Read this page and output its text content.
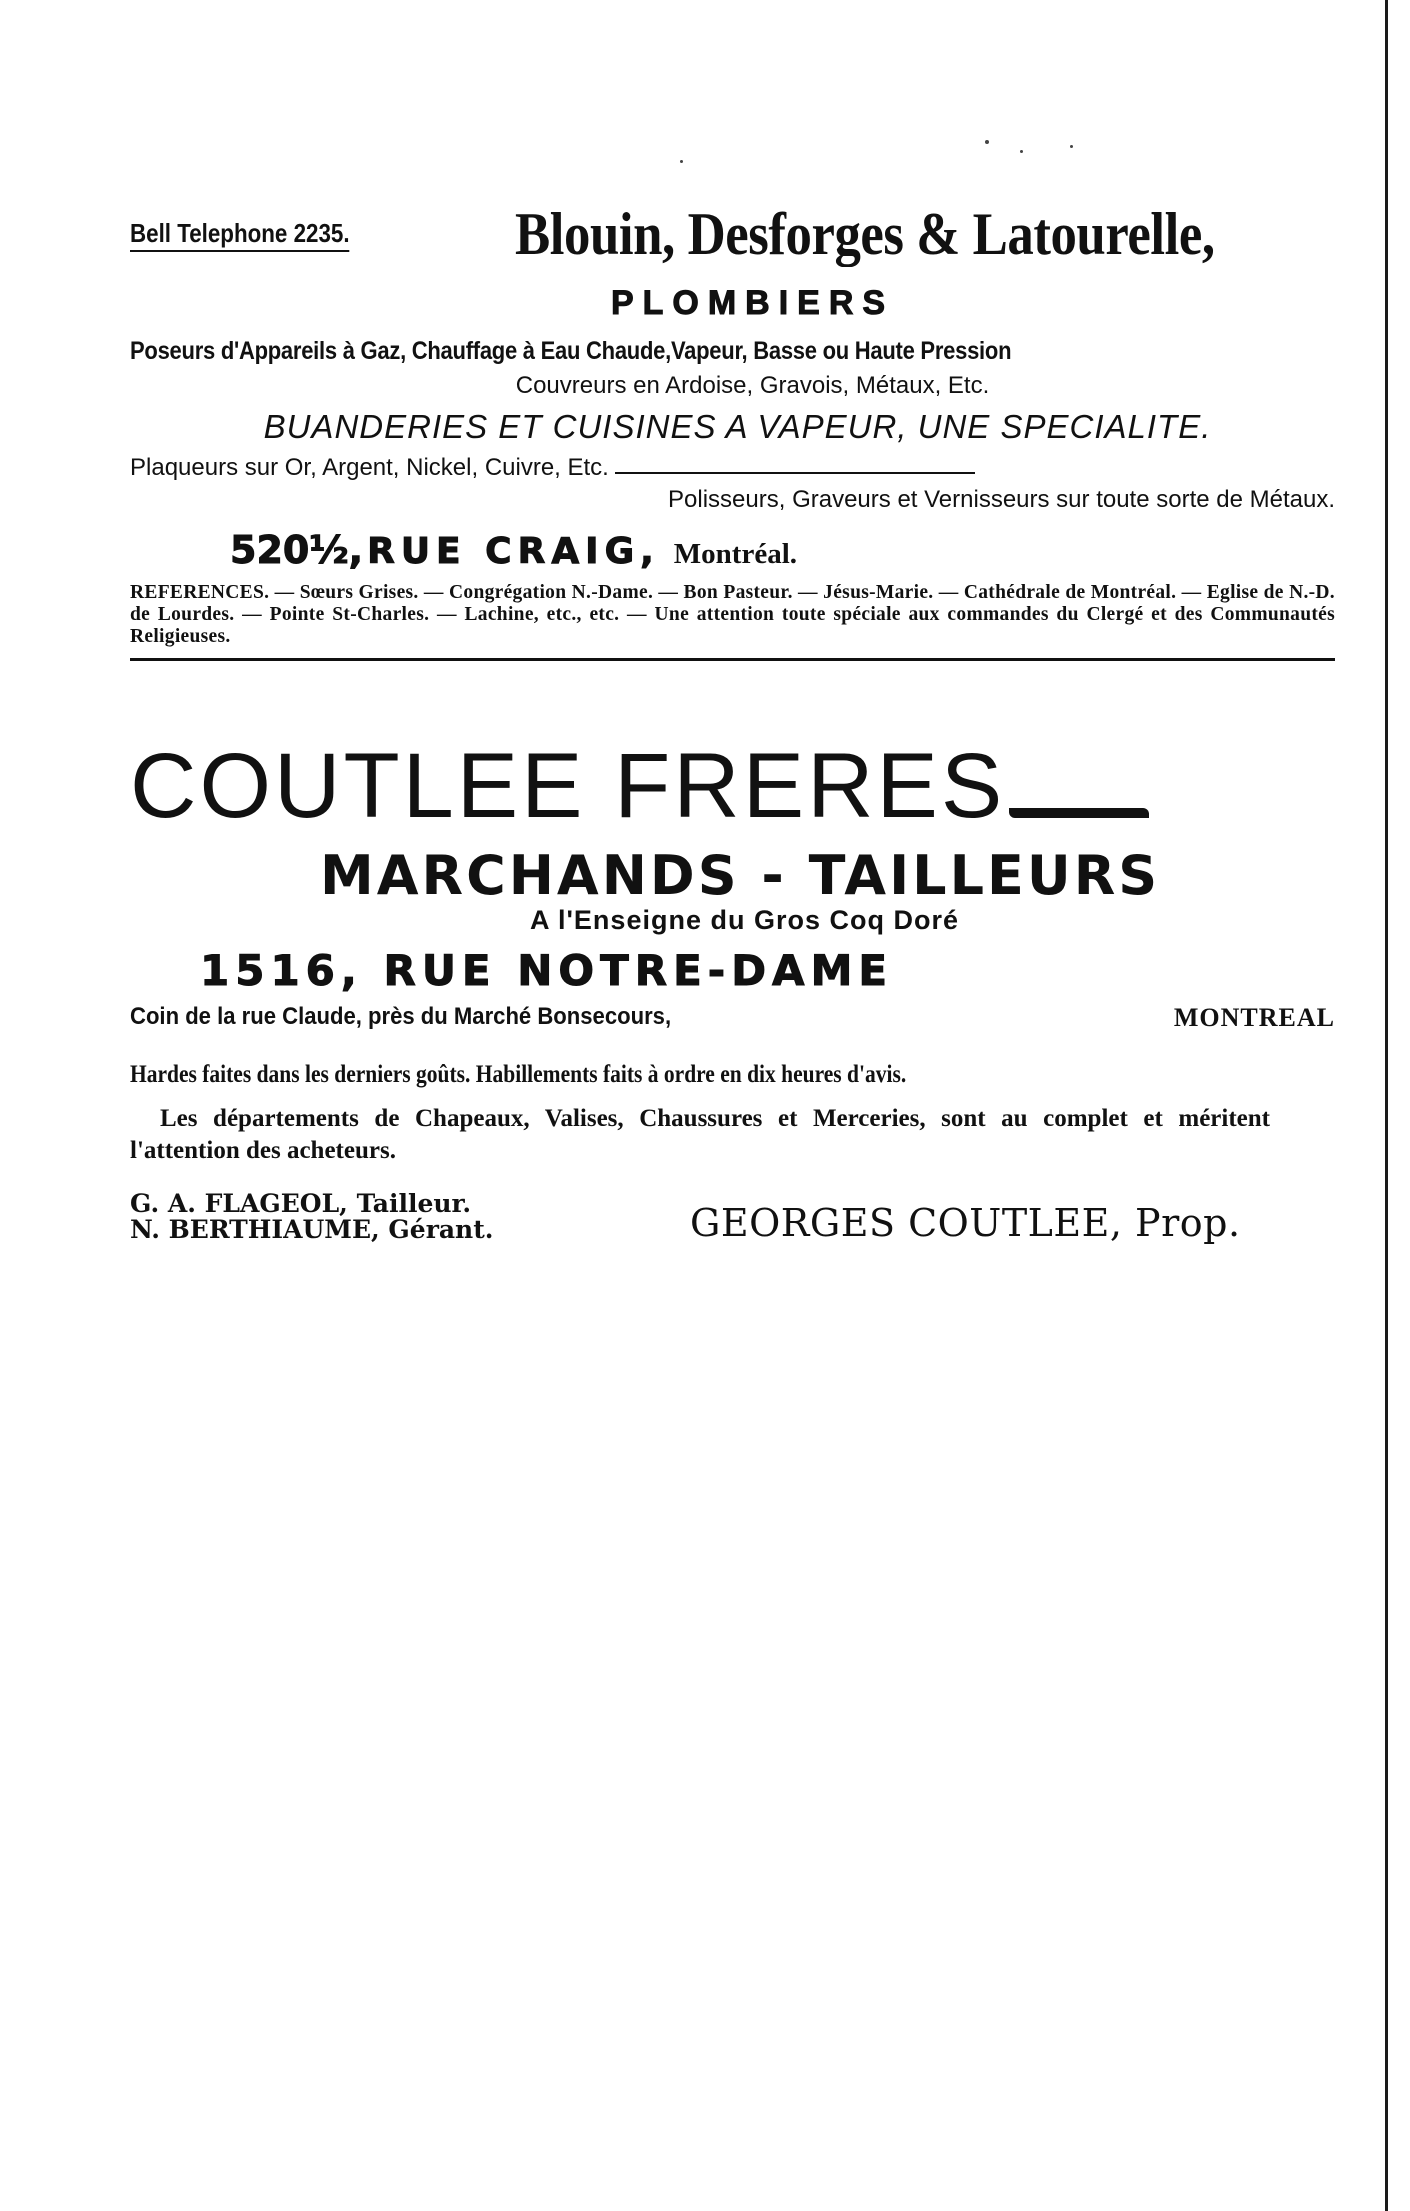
Bell Telephone 2235.	Blouin, Desforges & Latourelle,
PLOMBIERS
Poseurs d'Appareils à Gaz, Chauffage à Eau Chaude,Vapeur, Basse ou Haute Pression
Couvreurs en Ardoise, Gravois, Métaux, Etc.
BUANDERIES ET CUISINES A VAPEUR, UNE SPECIALITE.
Plaqueurs sur Or, Argent, Nickel, Cuivre, Etc.
Polisseurs, Graveurs et Vernisseurs sur toute sorte de Métaux.
520½, RUE CRAIG, Montréal.
REFERENCES. — Sœurs Grises. — Congrégation N.-Dame. — Bon Pasteur. — Jésus-Marie. — Cathédrale de Montréal. — Eglise de N.-D. de Lourdes. — Pointe St-Charles. — Lachine, etc., etc. — Une attention toute spéciale aux commandes du Clergé et des Communautés Religieuses.
COUTLEE FRERES
MARCHANDS - TAILLEURS
A l'Enseigne du Gros Coq Doré
1516, RUE NOTRE-DAME
Coin de la rue Claude, près du Marché Bonsecours,	MONTREAL
Hardes faites dans les derniers goûts. Habillements faits à ordre en dix heures d'avis.
Les départements de Chapeaux, Valises, Chaussures et Merceries, sont au complet et méritent l'attention des acheteurs.
G. A. FLAGEOL, Tailleur.
N. BERTHIAUME, Gérant.	GEORGES COUTLEE, Prop.
